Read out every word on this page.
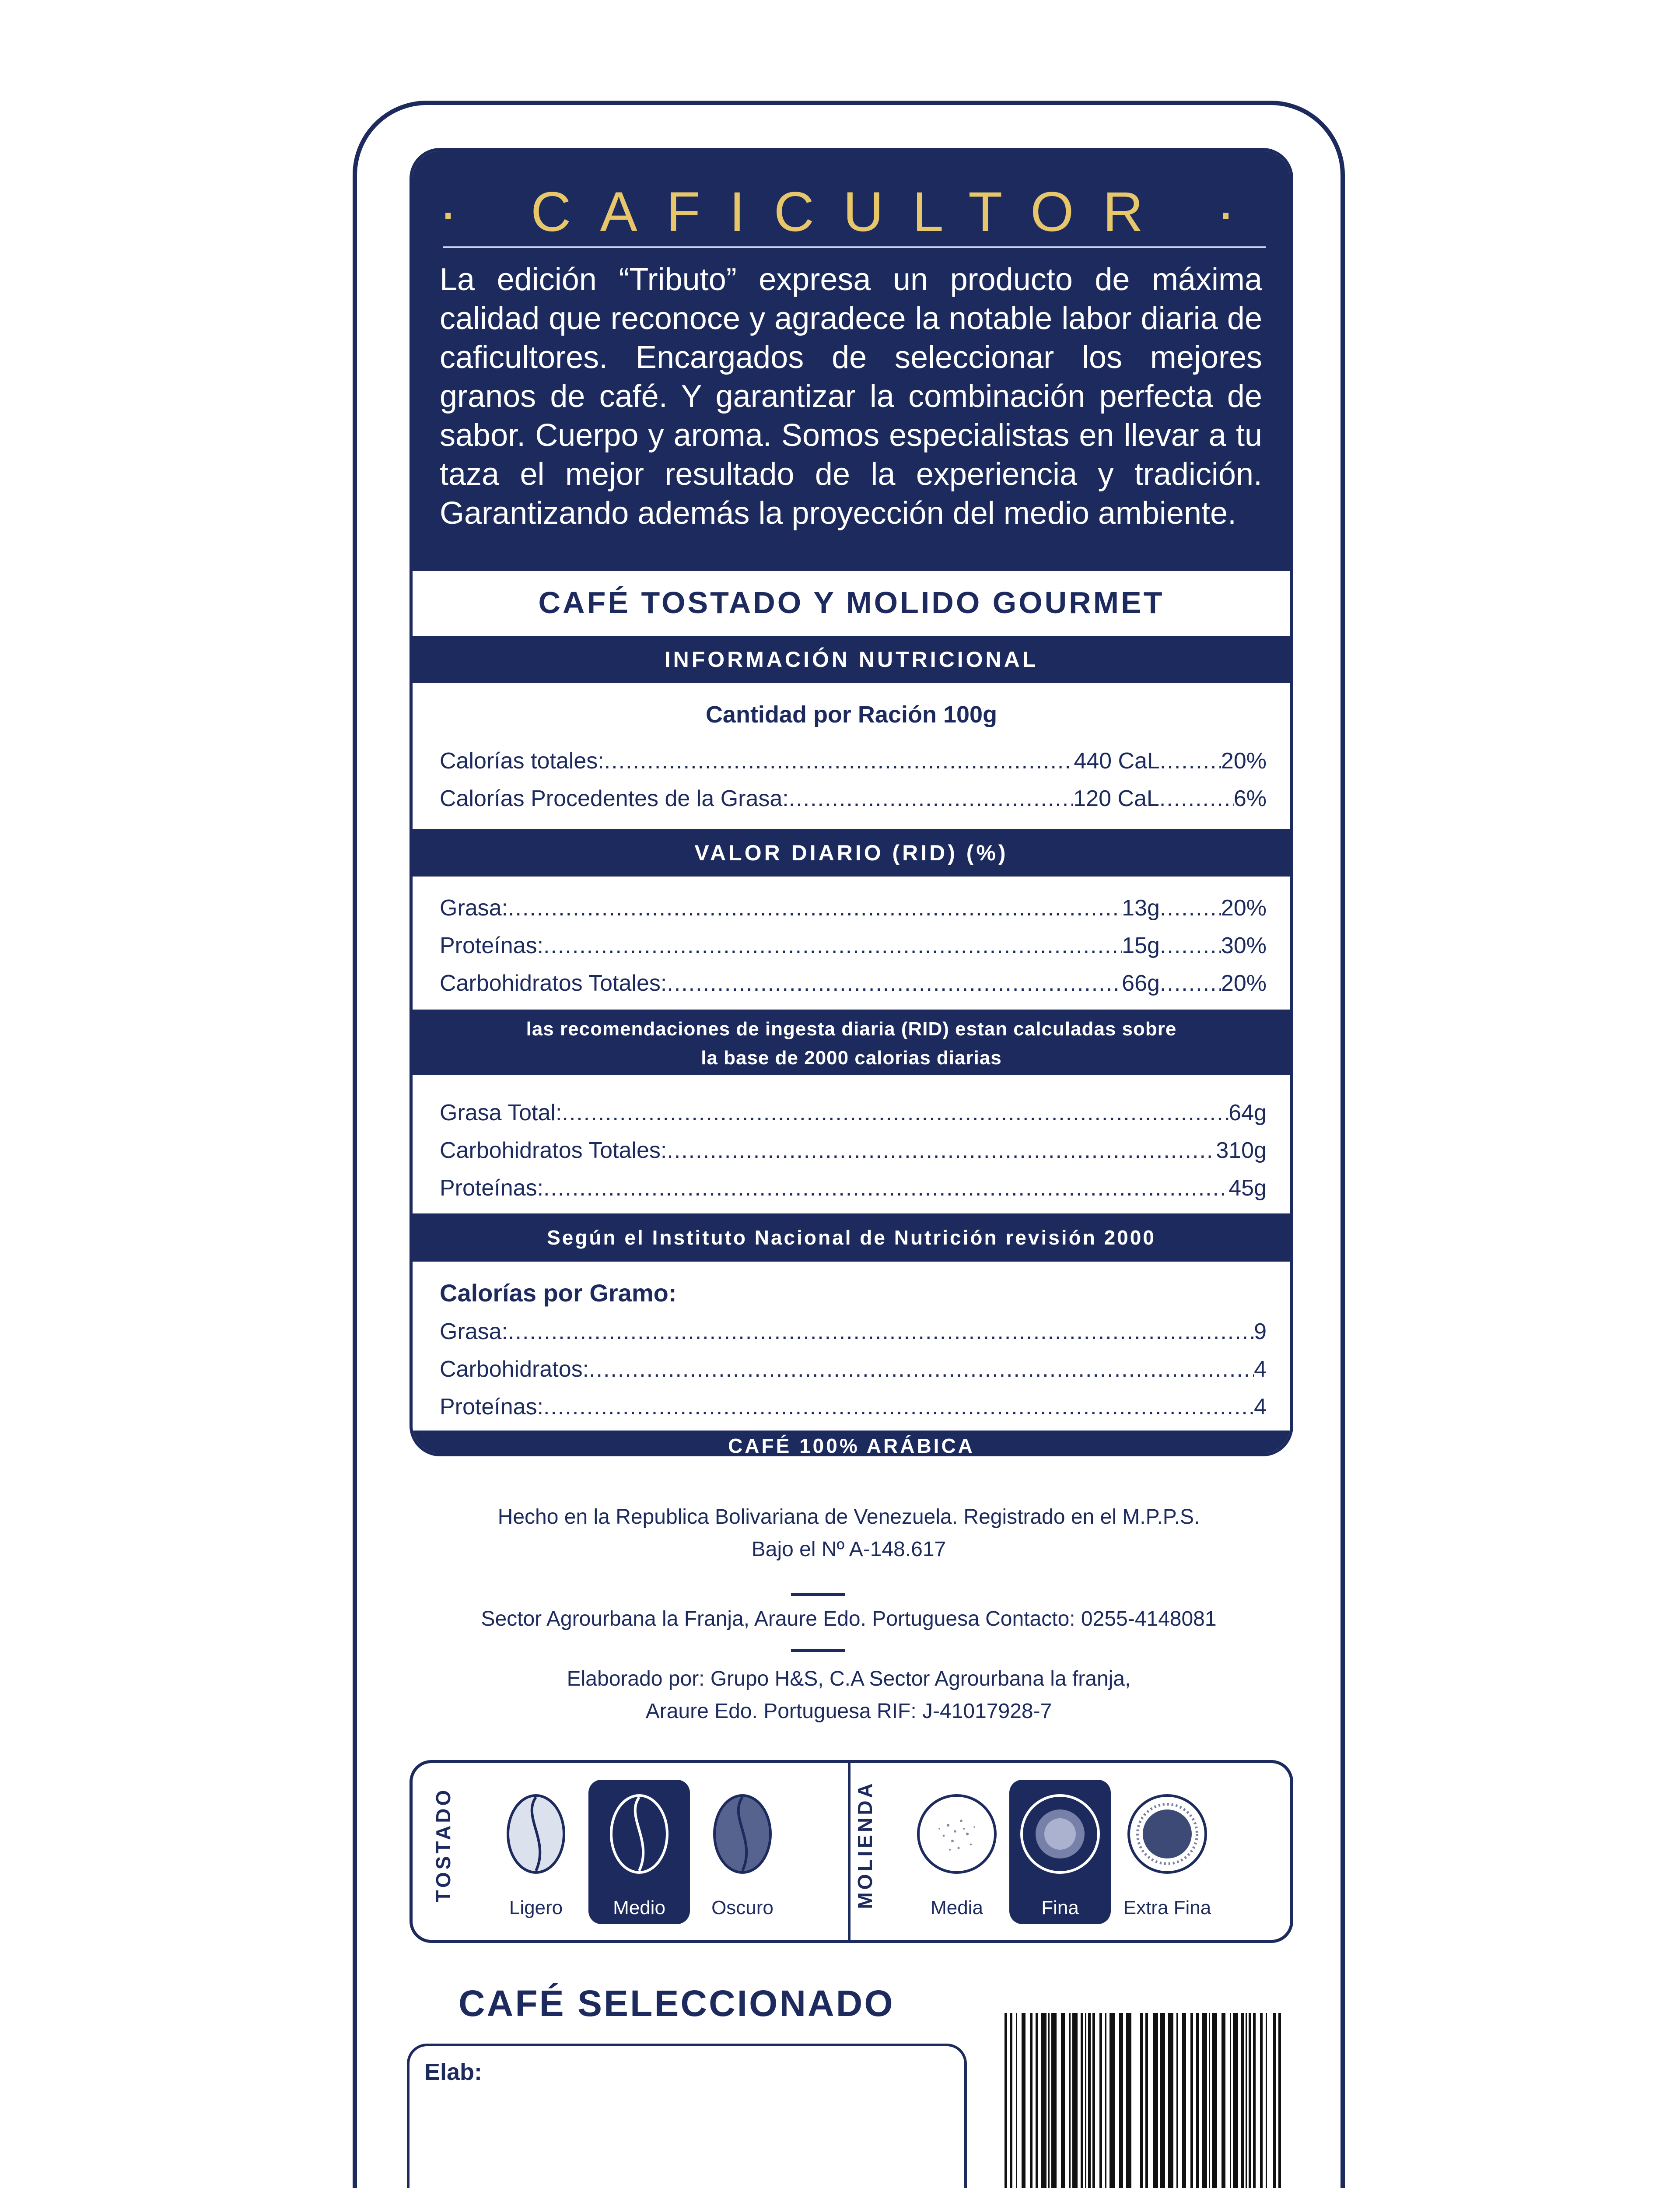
· CAFICULTOR ·
La edición “Tributo” expresa un producto de máxima calidad que reconoce y agradece la notable labor diaria de caficultores. Encargados de seleccionar los mejores granos de café. Y garantizar la combinación perfecta de sabor. Cuerpo y aroma. Somos especialistas en llevar a tu taza el mejor resultado de la experiencia y tradición. Garantizando además la proyección del medio ambiente.
CAFÉ TOSTADO Y MOLIDO GOURMET
INFORMACIÓN NUTRICIONAL
Cantidad por Ración 100g
Calorías totales: .....	440 CaL .....	20%
Calorías Procedentes de la Grasa: .....	120 CaL .....	6%
VALOR DIARIO (RID) (%)
Grasa: .....	13g .....	20%
Proteínas: .....	15g .....	30%
Carbohidratos Totales: .....	66g .....	20%
las recomendaciones de ingesta diaria (RID) estan calculadas sobre
la base de 2000 calorias diarias
Grasa Total: .....	64g
Carbohidratos Totales: .....	310g
Proteínas: .....	45g
Según el Instituto Nacional de Nutrición revisión 2000
Calorías por Gramo:
Grasa: .....	9
Carbohidratos: .....	4
Proteínas: .....	4
CAFÉ 100% ARÁBICA
Hecho en la Republica Bolivariana de Venezuela. Registrado en el M.P.P.S.
Bajo el Nº A-148.617
Sector Agrourbana la Franja, Araure Edo. Portuguesa Contacto: 0255-4148081
Elaborado por: Grupo H&S, C.A Sector Agrourbana la franja,
Araure Edo. Portuguesa RIF: J-41017928-7
TOSTADO
Ligero	Medio	Oscuro	MOLIENDA	Media	Fina	Extra Fina
CAFÉ SELECCIONADO
Elab:
